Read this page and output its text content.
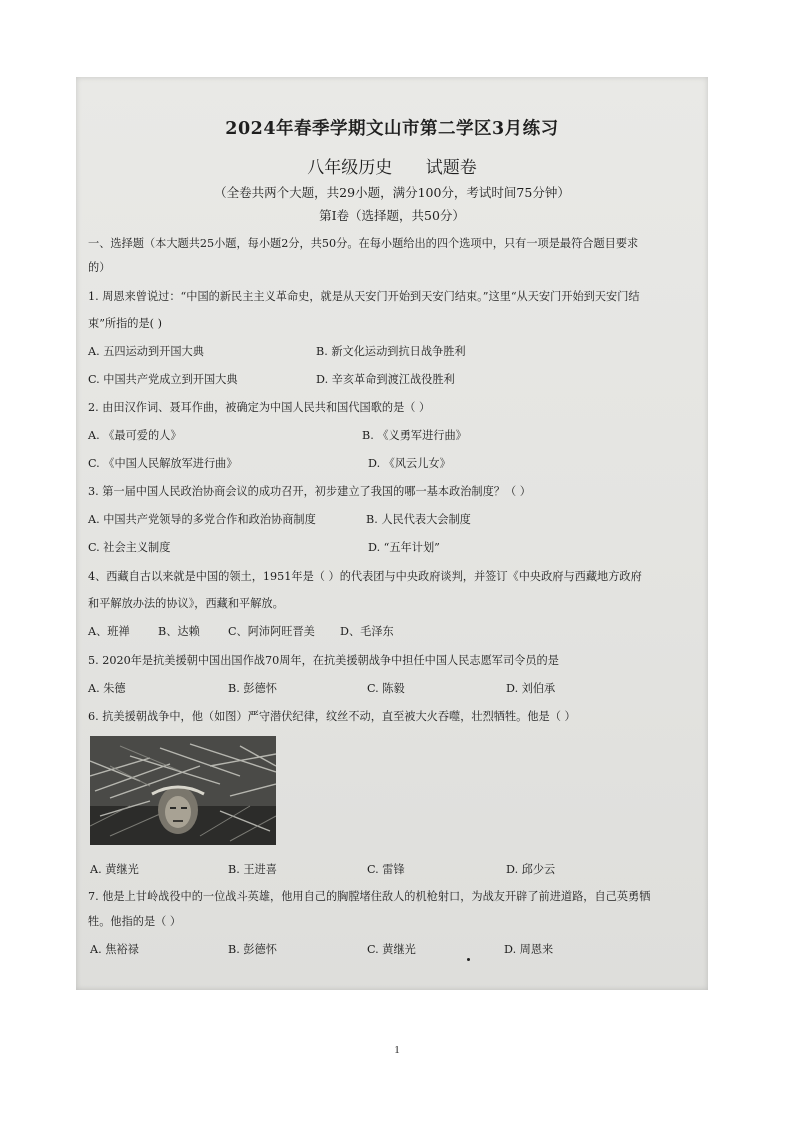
2024年春季学期文山市第二学区3月练习
八年级历史 试题卷
（全卷共两个大题，共29小题，满分100分，考试时间75分钟）
第Ⅰ卷（选择题，共50分）
一、选择题（本大题共25小题，每小题2分，共50分。在每小题给出的四个选项中，只有一项是最符合题目要求
的）
1. 周恩来曾说过：“中国的新民主主义革命史，就是从天安门开始到天安门结束。”这里“从天安门开始到天安门结
束”所指的是( )
A. 五四运动到开国大典	B. 新文化运动到抗日战争胜利
C. 中国共产党成立到开国大典	D. 辛亥革命到渡江战役胜利
2. 由田汉作词、聂耳作曲，被确定为中国人民共和国代国歌的是（ ）
A. 《最可爱的人》	B. 《义勇军进行曲》
C. 《中国人民解放军进行曲》	D. 《风云儿女》
3. 第一届中国人民政治协商会议的成功召开，初步建立了我国的哪一基本政治制度？（ ）
A. 中国共产党领导的多党合作和政治协商制度	B. 人民代表大会制度
C. 社会主义制度	D. “五年计划”
4、西藏自古以来就是中国的领土，1951年是（ ）的代表团与中央政府谈判，并签订《中央政府与西藏地方政府
和平解放办法的协议》，西藏和平解放。
A、班禅	B、达赖	C、阿沛阿旺晋美 D、毛泽东
5. 2020年是抗美援朝中国出国作战70周年，在抗美援朝战争中担任中国人民志愿军司令员的是
A. 朱德	B. 彭德怀	C. 陈毅	D. 刘伯承
6. 抗美援朝战争中，他（如图）严守潜伏纪律，纹丝不动，直至被大火吞噬，壮烈牺牲。他是（ ）
A. 黄继光	B. 王进喜	C. 雷锋	D. 邱少云
7. 他是上甘岭战役中的一位战斗英雄，他用自己的胸膛堵住敌人的机枪射口，为战友开辟了前进道路，自己英勇牺
牲。他指的是（ ）
A. 焦裕禄	B. 彭德怀	C. 黄继光	D. 周恩来
1
